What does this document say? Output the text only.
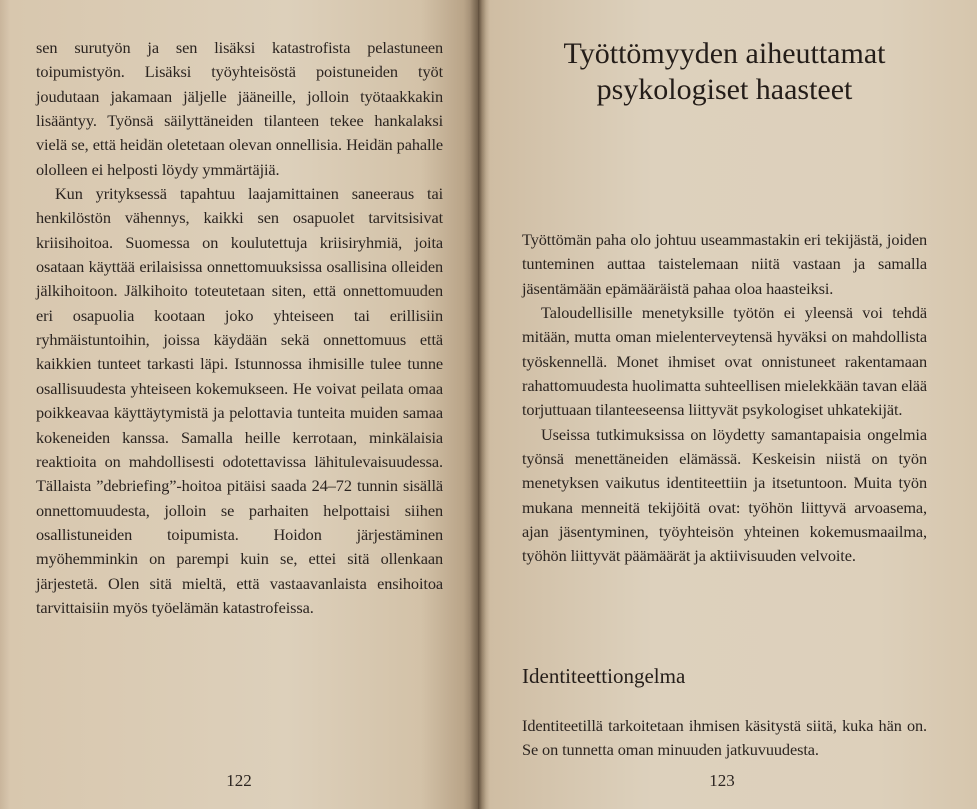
sen surutyön ja sen lisäksi katastrofista pelastuneen toipumistyön. Lisäksi työyhteisöstä poistuneiden työt joudutaan jakamaan jäljelle jääneille, jolloin työtaakkakin lisääntyy. Työnsä säilyttäneiden tilanteen tekee hankalaksi vielä se, että heidän oletetaan olevan onnellisia. Heidän pahalle ololleen ei helposti löydy ymmärtäjiä.

Kun yrityksessä tapahtuu laajamittainen saneeraus tai henkilöstön vähennys, kaikki sen osapuolet tarvitsisivat kriisihoitoa. Suomessa on koulutettuja kriisiryhmiä, joita osataan käyttää erilaisissa onnettomuuksissa osallisina olleiden jälkihoitoon. Jälkihoito toteutetaan siten, että onnettomuuden eri osapuolia kootaan joko yhteiseen tai erillisiin ryhmäistuntoihin, joissa käydään sekä onnettomuus että kaikkien tunteet tarkasti läpi. Istunnossa ihmisille tulee tunne osallisuudesta yhteiseen kokemukseen. He voivat peilata omaa poikkeavaa käyttäytymistä ja pelottavia tunteita muiden samaa kokeneiden kanssa. Samalla heille kerrotaan, minkälaisia reaktioita on mahdollisesti odotettavissa lähitulevaisuudessa. Tällaista ”debriefing”-hoitoa pitäisi saada 24–72 tunnin sisällä onnettomuudesta, jolloin se parhaiten helpottaisi siihen osallistuneiden toipumista. Hoidon järjestäminen myöhemminkin on parempi kuin se, ettei sitä ollenkaan järjestetä. Olen sitä mieltä, että vastaavanlaista ensihoitoa tarvittaisiin myös työelämän katastrofeissa.

122
Työttömyyden aiheuttamat psykologiset haasteet

Työttömän paha olo johtuu useammastakin eri tekijästä, joiden tunteminen auttaa taistelemaan niitä vastaan ja samalla jäsentämään epämääräistä pahaa oloa haasteiksi.

Taloudellisille menetyksille työtön ei yleensä voi tehdä mitään, mutta oman mielenterveytensä hyväksi on mahdollista työskennellä. Monet ihmiset ovat onnistuneet rakentamaan rahattomuudesta huolimatta suhteellisen mielekkään tavan elää torjuttuaan tilanteeseensa liittyvät psykologiset uhkatekijät.

Useissa tutkimuksissa on löydetty samantapaisia ongelmia työnsä menettäneiden elämässä. Keskeisin niistä on työn menetyksen vaikutus identiteettiin ja itsetuntoon. Muita työn mukana menneitä tekijöitä ovat: työhön liittyvä arvoasema, ajan jäsentyminen, työyhteisön yhteinen kokemusmaailma, työhön liittyvät päämäärät ja aktiivisuuden velvoite.

Identiteettiongelma

Identiteetillä tarkoitetaan ihmisen käsitystä siitä, kuka hän on. Se on tunnetta oman minuuden jatkuvuudesta.

123
